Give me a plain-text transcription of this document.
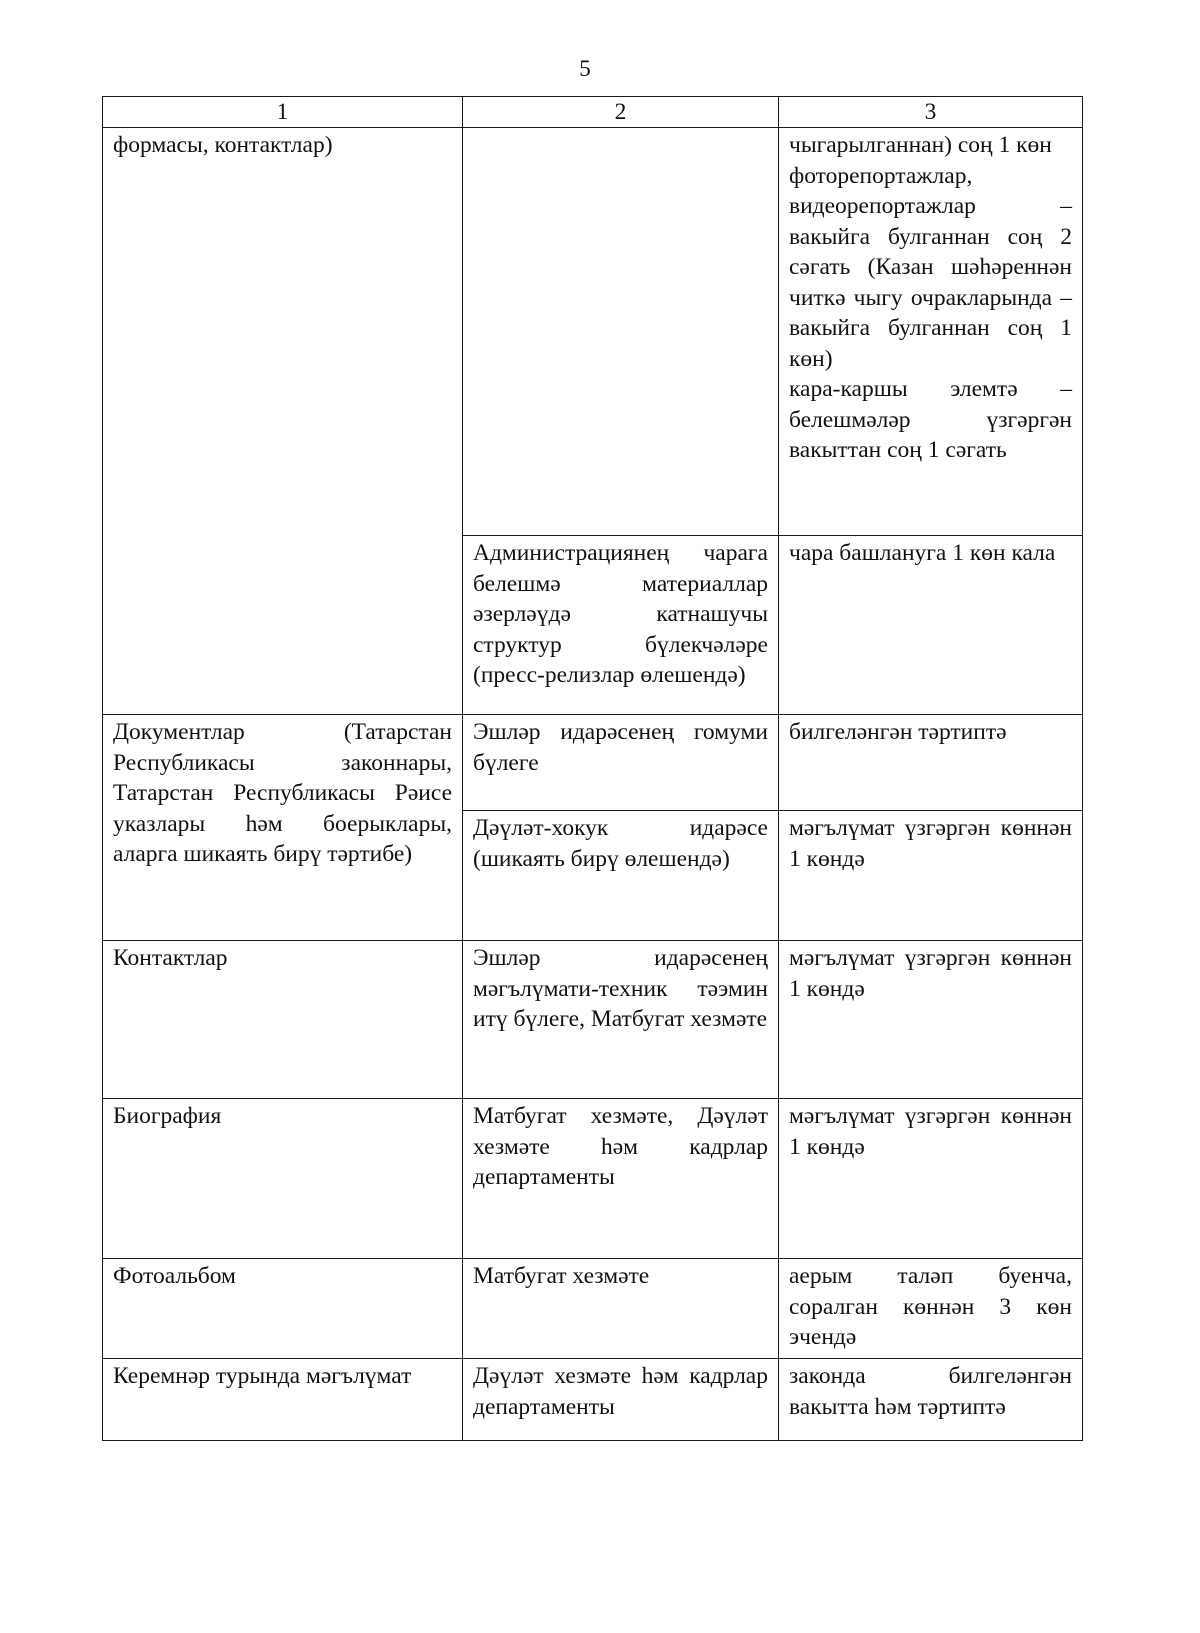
5
1	2	3

формасы, контактлар)		чыгарылганнан) соң 1 көн
фоторепортажлар, видеорепортажлар – вакыйга булганнан соң 2 сәгать (Казан шәһәреннән читкә чыгу очракларында – вакыйга булганнан соң 1 көн)
кара-каршы элемтә – белешмәләр үзгәргән вакыттан соң 1 сәгать

	Администрациянең чарага белешмә материаллар әзерләүдә катнашучы структур бүлекчәләре (пресс-релизлар өлешендә)	чара башлануга 1 көн кала

Документлар (Татарстан Республикасы законнары, Татарстан Республикасы Рәисе указлары һәм боерыклары, аларга шикаять бирү тәртибе)	Эшләр идарәсенең гомуми бүлеге	билгеләнгән тәртиптә

	Дәүләт-хокук идарәсе (шикаять бирү өлешендә)	мәгълүмат үзгәргән көннән 1 көндә

Контактлар	Эшләр идарәсенең мәгълүмати-техник тәэмин итү бүлеге, Матбугат хезмәте	мәгълүмат үзгәргән көннән 1 көндә

Биография	Матбугат хезмәте, Дәүләт хезмәте һәм кадрлар департаменты	мәгълүмат үзгәргән көннән 1 көндә

Фотоальбом	Матбугат хезмәте	аерым таләп буенча, соралган көннән 3 көн эчендә

Керемнәр турында мәгълүмат	Дәүләт хезмәте һәм кадрлар департаменты	законда билгеләнгән вакытта һәм тәртиптә
